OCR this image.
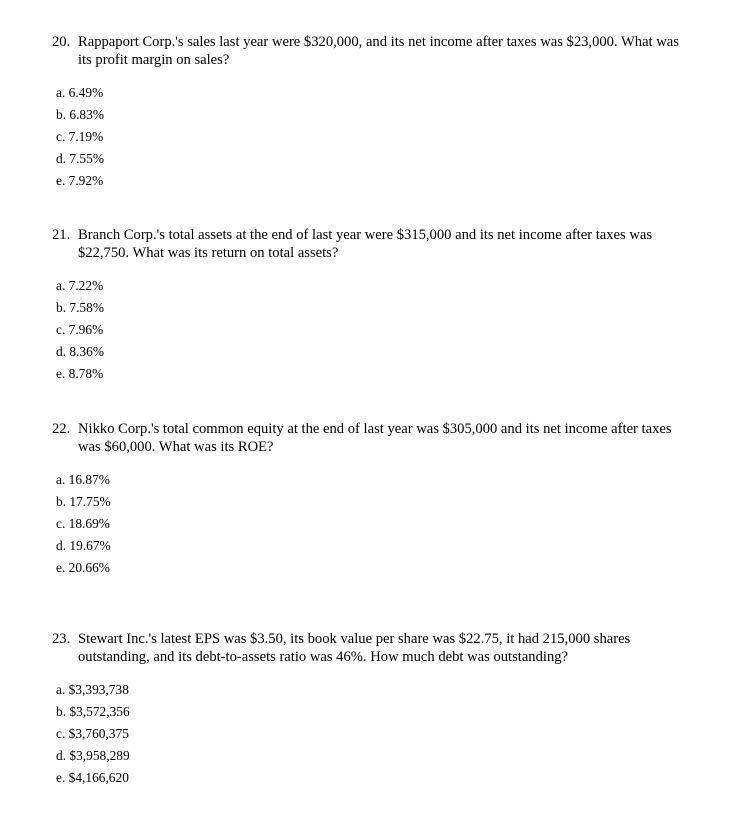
20. Rappaport Corp.'s sales last year were $320,000, and its net income after taxes was $23,000. What was its profit margin on sales?
a. 6.49%
b. 6.83%
c. 7.19%
d. 7.55%
e. 7.92%
21. Branch Corp.'s total assets at the end of last year were $315,000 and its net income after taxes was $22,750. What was its return on total assets?
a. 7.22%
b. 7.58%
c. 7.96%
d. 8.36%
e. 8.78%
22. Nikko Corp.'s total common equity at the end of last year was $305,000 and its net income after taxes was $60,000. What was its ROE?
a. 16.87%
b. 17.75%
c. 18.69%
d. 19.67%
e. 20.66%
23. Stewart Inc.'s latest EPS was $3.50, its book value per share was $22.75, it had 215,000 shares outstanding, and its debt-to-assets ratio was 46%. How much debt was outstanding?
a. $3,393,738
b. $3,572,356
c. $3,760,375
d. $3,958,289
e. $4,166,620
